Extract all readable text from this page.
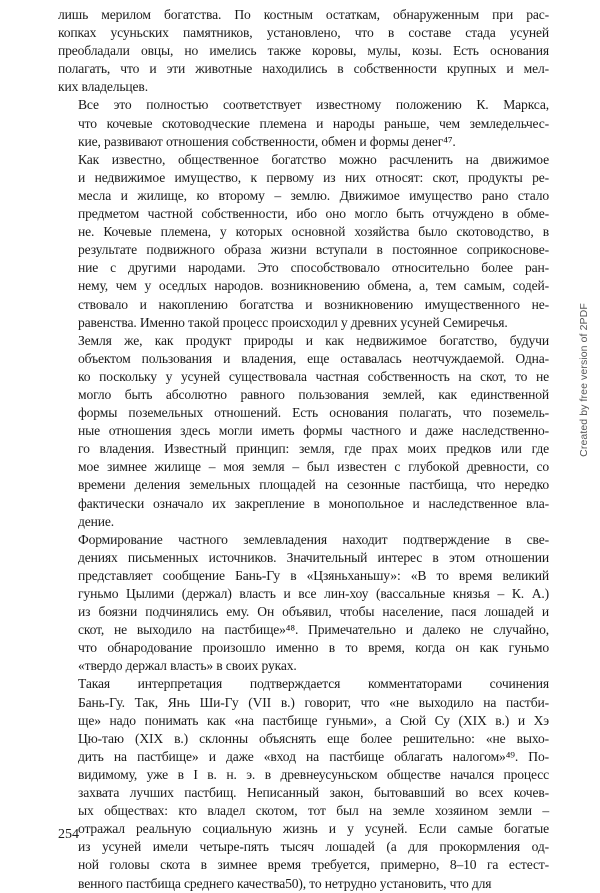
лишь мерилом богатства. По костным остаткам, обнаруженным при рас-
копках усуньских памятников, установлено, что в составе стада усуней
преобладали овцы, но имелись также коровы, мулы, козы. Есть основания
полагать, что и эти животные находились в собственности крупных и мел-
ких владельцев.

Все это полностью соответствует известному положению К. Маркса,
что кочевые скотоводческие племена и народы раньше, чем земледельчес-
кие, развивают отношения собственности, обмен и формы денег⁴⁷.

Как известно, общественное богатство можно расчленить на движимое
и недвижимое имущество, к первому из них относят: скот, продукты ре-
месла и жилище, ко второму – землю. Движимое имущество рано стало
предметом частной собственности, ибо оно могло быть отчуждено в обме-
не. Кочевые племена, у которых основной хозяйства было скотоводство, в
результате подвижного образа жизни вступали в постоянное соприкоснове-
ние с другими народами. Это способствовало относительно более ран-
нему, чем у оседлых народов. возникновению обмена, а, тем самым, содей-
ствовало и накоплению богатства и возникновению имущественного не-
равенства. Именно такой процесс происходил у древних усуней Семиречья.

Земля же, как продукт природы и как недвижимое богатство, будучи
объектом пользования и владения, еще оставалась неотчуждаемой. Одна-
ко поскольку у усуней существовала частная собственность на скот, то не
могло быть абсолютно равного пользования землей, как единственной
формы поземельных отношений. Есть основания полагать, что поземель-
ные отношения здесь могли иметь формы частного и даже наследственно-
го владения. Известный принцип: земля, где прах моих предков или где
мое зимнее жилище – моя земля – был известен с глубокой древности, со
времени деления земельных площадей на сезонные пастбища, что нередко
фактически означало их закрепление в монопольное и наследственное вла-
дение.

Формирование частного землевладения находит подтверждение в све-
дениях письменных источников. Значительный интерес в этом отношении
представляет сообщение Бань-Гу в «Цзяньханьшу»: «В то время великий
гуньмо Цылими (держал) власть и все лин-хоу (вассальные князья – К. А.)
из боязни подчинялись ему. Он объявил, чтобы население, пася лошадей и
скот, не выходило на пастбище»⁴⁸. Примечательно и далеко не случайно,
что обнародование произошло именно в то время, когда он как гуньмо
«твердо держал власть» в своих руках.

Такая интерпретация подтверждается комментаторами сочинения
Бань-Гу. Так, Янь Ши-Гу (VII в.) говорит, что «не выходило на пастби-
ще» надо понимать как «на пастбище гуньми», а Сюй Су (XIX в.) и Хэ
Цю-таю (XIX в.) склонны объяснять еще более решительно: «не выхо-
дить на пастбище» и даже «вход на пастбище облагать налогом»⁴⁹. По-
видимому, уже в I в. н. э. в древнеусуньском обществе начался процесс
захвата лучших пастбищ. Неписанный закон, бытовавший во всех кочев-
ых обществах: кто владел скотом, тот был на земле хозяином земли –
отражал реальную социальную жизнь и у усуней. Если самые богатые
из усуней имели четыре-пять тысяч лошадей (а для прокормления од-
ной головы скота в зимнее время требуется, примерно, 8–10 га естест-
венного пастбища среднего качества50), то нетрудно установить, что для

254
Created by free version of 2PDF
